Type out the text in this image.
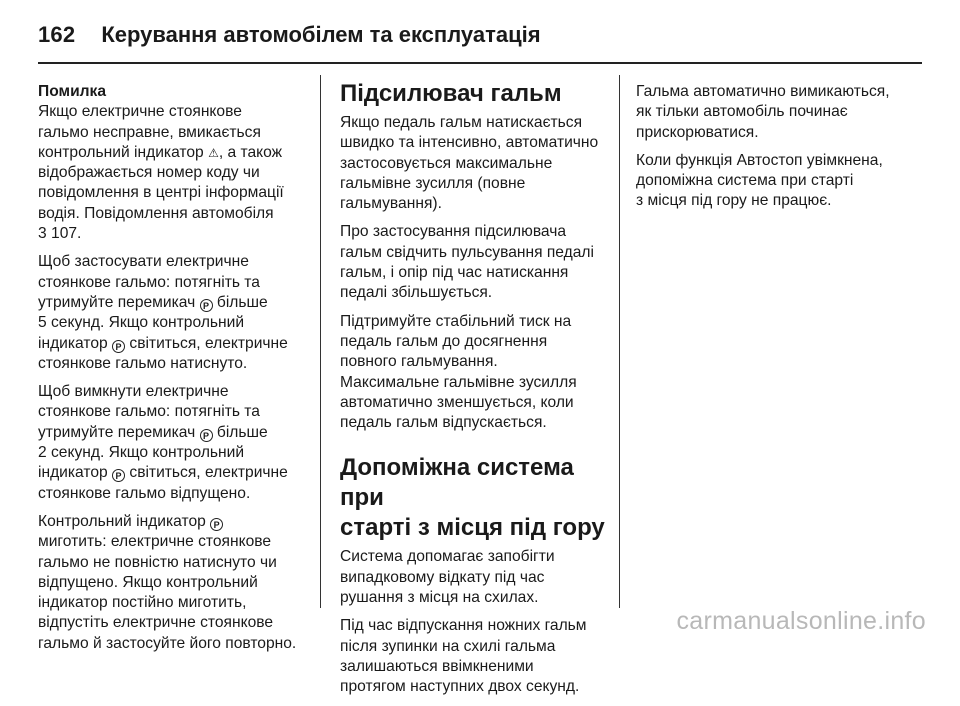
162 Керування автомобілем та експлуатація

Помилка
Якщо електричне стоянкове
гальмо несправне, вмикається
контрольний індикатор ⚠, а також
відображається номер коду чи
повідомлення в центрі інформації
водія. Повідомлення автомобіля
3 107.

Щоб застосувати електричне
стоянкове гальмо: потягніть та
утримуйте перемикач P більше
5 секунд. Якщо контрольний
індикатор P світиться, електричне
стоянкове гальмо натиснуто.

Щоб вимкнути електричне
стоянкове гальмо: потягніть та
утримуйте перемикач P більше
2 секунд. Якщо контрольний
індикатор P світиться, електричне
стоянкове гальмо відпущено.

Контрольний індикатор P
миготить: електричне стоянкове
гальмо не повністю натиснуто чи
відпущено. Якщо контрольний
індикатор постійно миготить,
відпустіть електричне стоянкове
гальмо й застосуйте його повторно.

Підсилювач гальм

Якщо педаль гальм натискається
швидко та інтенсивно, автоматично
застосовується максимальне
гальмівне зусилля (повне
гальмування).

Про застосування підсилювача
гальм свідчить пульсування педалі
гальм, і опір під час натискання
педалі збільшується.

Підтримуйте стабільний тиск на
педаль гальм до досягнення
повного гальмування.
Максимальне гальмівне зусилля
автоматично зменшується, коли
педаль гальм відпускається.

Допоміжна система при
старті з місця під гору

Система допомагає запобігти
випадковому відкату під час
рушання з місця на схилах.

Під час відпускання ножних гальм
після зупинки на схилі гальма
залишаються ввімкненими
протягом наступних двох секунд.

Гальма автоматично вимикаються,
як тільки автомобіль починає
прискорюватися.

Коли функція Автостоп увімкнена,
допоміжна система при старті
з місця під гору не працює.

carmanualsonline.info
